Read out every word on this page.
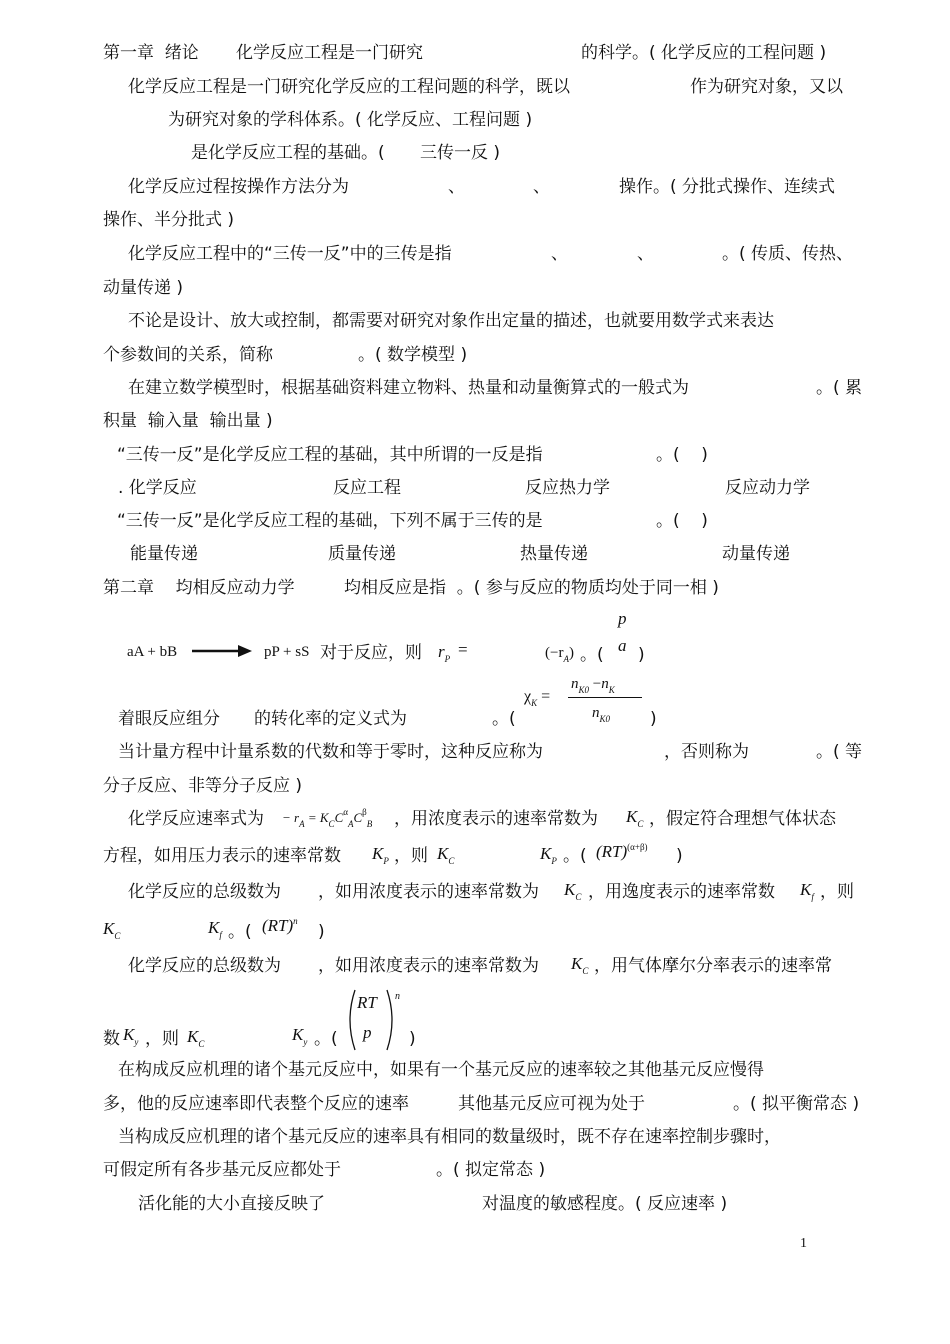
第一章  绪论 化学反应工程是一门研究	的科学。( 化学反应的工程问题 )
化学反应工程是一门研究化学反应的工程问题的科学，既以	作为研究对象，又以
为研究对象的学科体系。( 化学反应、工程问题 )
是化学反应工程的基础。( 三传一反 )
化学反应过程按操作方法分为	、	、	操作。( 分批式操作、连续式
操作、半分批式 )
化学反应工程中的“三传一反”中的三传是指	、	、	。( 传质、传热、
动量传递 )
不论是设计、放大或控制，都需要对研究对象作出定量的描述，也就要用数学式来表达
个参数间的关系，简称	。( 数学模型 )
在建立数学模型时，根据基础资料建立物料、热量和动量衡算式的一般式为	。( 累
积量  输入量  输出量 )
“三传一反”是化学反应工程的基础，其中所谓的一反是指	。(    )
. 化学反应	反应工程	反应热力学	反应动力学
“三传一反”是化学反应工程的基础，下列不属于三传的是	。(    )
能量传递	质量传递	热量传递	动量传递
第二章    均相反应动力学	均相反应是指  。( 参与反应的物质均处于同一相 )
aA + bB → pP + sS 对于反应，则 $r_P$ =
p
$(-r_A)$ 。( a )
$n_{K0} -n_K$
$\chi_K$ =
$n_{K0}$
着眼反应组分 的转化率的定义式为	。(	)
当计量方程中计量系数的代数和等于零时，这种反应称为	，否则称为	。( 等
分子反应、非等分子反应 )
化学反应速率式为 − $r_A = K_CC^\alpha_AC^\beta_B$ ，用浓度表示的速率常数为 $K_C$ ，假定符合理想气体状态
方程，如用压力表示的速率常数 $K_P$ ，则 $K_C$	$K_P$ 。( (RT)$^{(\alpha+\beta)}$ )
化学反应的总级数为 ，如用浓度表示的速率常数为 $K_C$ ，用逸度表示的速率常数 $K_f$ ，则
$K_C$	$K_f$ 。( (RT)$^n$
)
化学反应的总级数为 ，如用浓度表示的速率常数为 $K_C$ ，用气体摩尔分率表示的速率常
数 $K_y$ ，则 $K_C$	$K_y$ 。(
RT
p
n
)
在构成反应机理的诸个基元反应中，如果有一个基元反应的速率较之其他基元反应慢得
多，他的反应速率即代表整个反应的速率	其他基元反应可视为处于	。( 拟平衡常态 )
当构成反应机理的诸个基元反应的速率具有相同的数量级时，既不存在速率控制步骤时，
可假定所有各步基元反应都处于	。( 拟定常态 )
活化能的大小直接反映了	对温度的敏感程度。( 反应速率 )
1
